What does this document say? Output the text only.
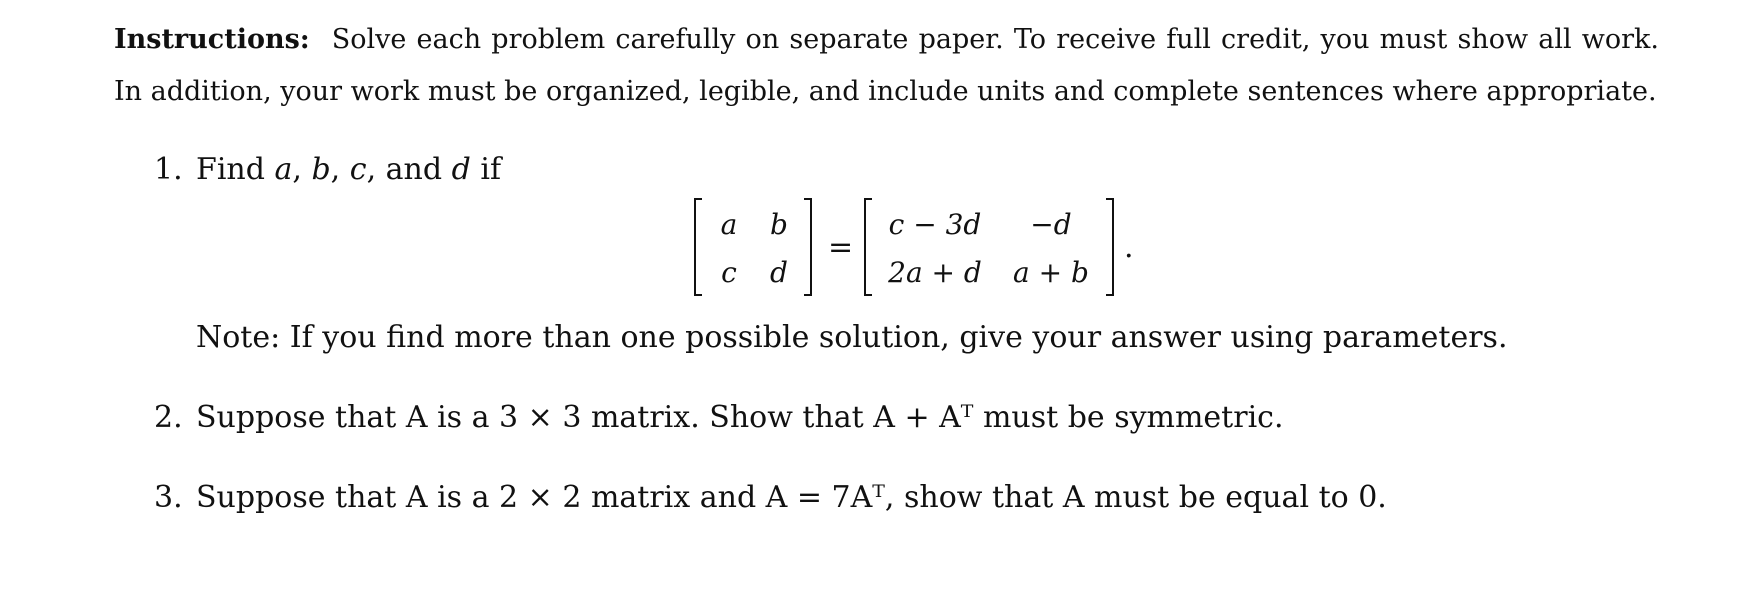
Instructions: Solve each problem carefully on separate paper. To receive full credit, you must show all work. In addition, your work must be organized, legible, and include units and complete sentences where appropriate.
1. Find a, b, c, and d if
a b
c d
=
c − 3d	−d
2a + d a + b
.
Note: If you find more than one possible solution, give your answer using parameters.
2. Suppose that A is a 3 × 3 matrix. Show that A + Aᵀ must be symmetric.
3. Suppose that A is a 2 × 2 matrix and A = 7Aᵀ, show that A must be equal to 0.
